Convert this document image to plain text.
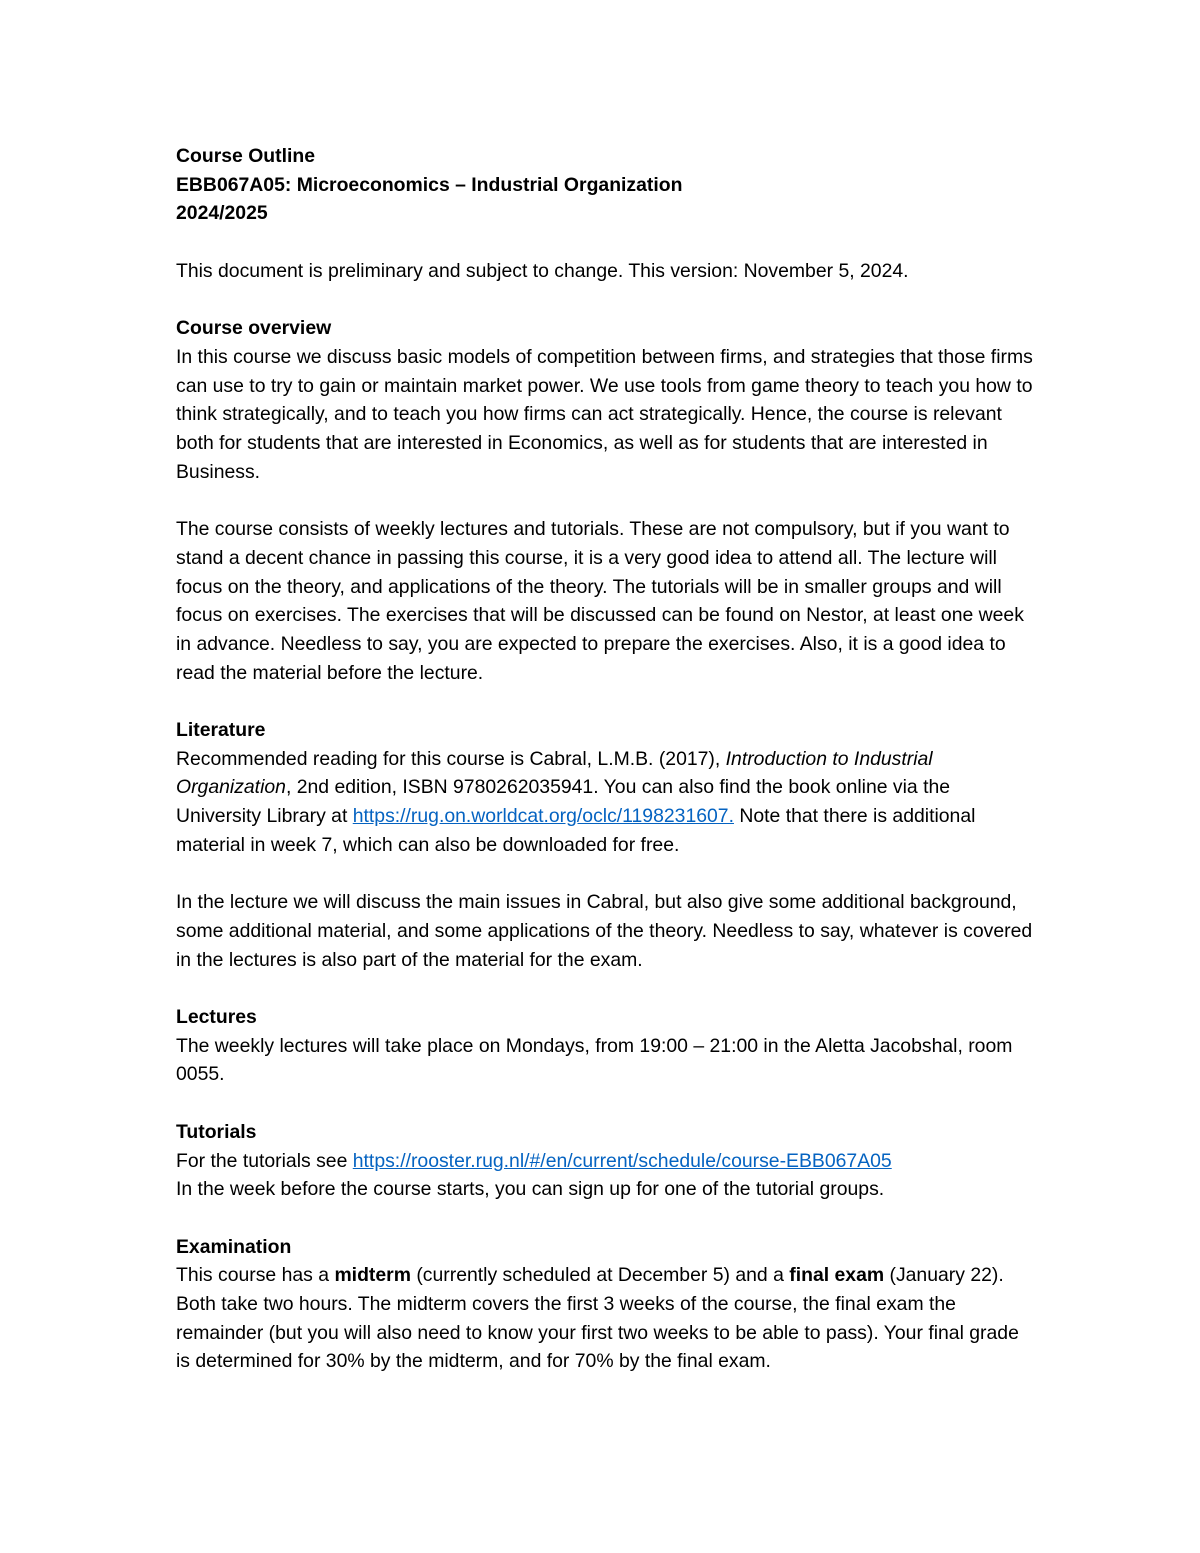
Course Outline
EBB067A05: Microeconomics – Industrial Organization
2024/2025

This document is preliminary and subject to change. This version: November 5, 2024.

Course overview
In this course we discuss basic models of competition between firms, and strategies that those firms can use to try to gain or maintain market power. We use tools from game theory to teach you how to think strategically, and to teach you how firms can act strategically. Hence, the course is relevant both for students that are interested in Economics, as well as for students that are interested in Business.

The course consists of weekly lectures and tutorials. These are not compulsory, but if you want to stand a decent chance in passing this course, it is a very good idea to attend all. The lecture will focus on the theory, and applications of the theory. The tutorials will be in smaller groups and will focus on exercises. The exercises that will be discussed can be found on Nestor, at least one week in advance. Needless to say, you are expected to prepare the exercises. Also, it is a good idea to read the material before the lecture.

Literature
Recommended reading for this course is Cabral, L.M.B. (2017), Introduction to Industrial Organization, 2nd edition, ISBN 9780262035941. You can also find the book online via the University Library at https://rug.on.worldcat.org/oclc/1198231607. Note that there is additional material in week 7, which can also be downloaded for free.

In the lecture we will discuss the main issues in Cabral, but also give some additional background, some additional material, and some applications of the theory. Needless to say, whatever is covered in the lectures is also part of the material for the exam.

Lectures
The weekly lectures will take place on Mondays, from 19:00 – 21:00 in the Aletta Jacobshal, room 0055.

Tutorials
For the tutorials see https://rooster.rug.nl/#/en/current/schedule/course-EBB067A05
In the week before the course starts, you can sign up for one of the tutorial groups.

Examination
This course has a midterm (currently scheduled at December 5) and a final exam (January 22). Both take two hours. The midterm covers the first 3 weeks of the course, the final exam the remainder (but you will also need to know your first two weeks to be able to pass). Your final grade is determined for 30% by the midterm, and for 70% by the final exam.
